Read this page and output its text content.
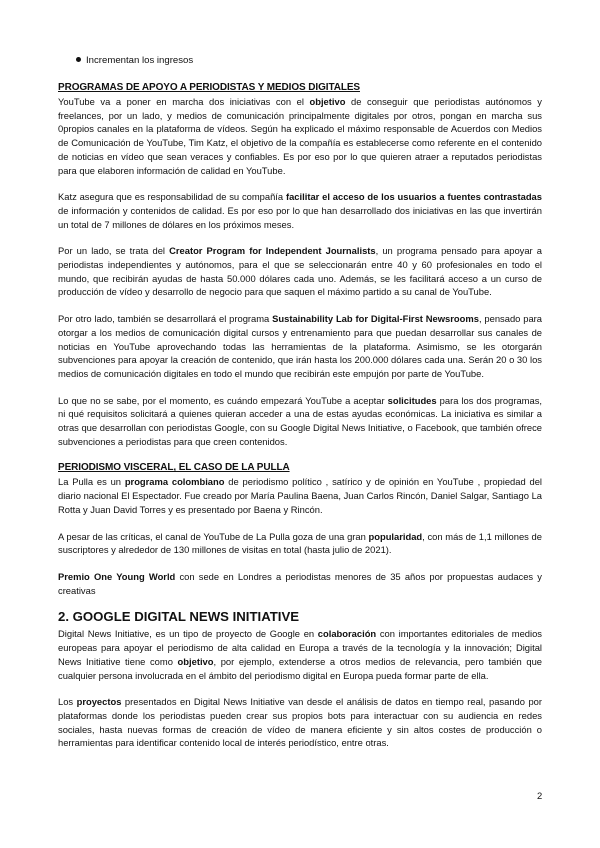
Incrementan los ingresos
PROGRAMAS DE APOYO A PERIODISTAS Y MEDIOS DIGITALES

YouTube va a poner en marcha dos iniciativas con el objetivo de conseguir que periodistas autónomos y freelances, por un lado, y medios de comunicación principalmente digitales por otros, pongan en marcha sus 0propios canales en la plataforma de vídeos. Según ha explicado el máximo responsable de Acuerdos con Medios de Comunicación de YouTube, Tim Katz, el objetivo de la compañía es establecerse como referente en el contenido de noticias en vídeo que sean veraces y confiables. Es por eso por lo que quieren atraer a reputados periodistas para que elaboren información de calidad en YouTube.

Katz asegura que es responsabilidad de su compañía facilitar el acceso de los usuarios a fuentes contrastadas de información y contenidos de calidad. Es por eso por lo que han desarrollado dos iniciativas en las que invertirán un total de 7 millones de dólares en los próximos meses.

Por un lado, se trata del Creator Program for Independent Journalists, un programa pensado para apoyar a periodistas independientes y autónomos, para el que se seleccionarán entre 40 y 60 profesionales en todo el mundo, que recibirán ayudas de hasta 50.000 dólares cada uno. Además, se les facilitará acceso a un curso de producción de vídeo y desarrollo de negocio para que saquen el máximo partido a su canal de YouTube.

Por otro lado, también se desarrollará el programa Sustainability Lab for Digital-First Newsrooms, pensado para otorgar a los medios de comunicación digital cursos y entrenamiento para que puedan desarrollar sus canales de noticias en YouTube aprovechando todas las herramientas de la plataforma. Asimismo, se les otorgarán subvenciones para apoyar la creación de contenido, que irán hasta los 200.000 dólares cada una. Serán 20 o 30 los medios de comunicación digitales en todo el mundo que recibirán este empujón por parte de YouTube.

Lo que no se sabe, por el momento, es cuándo empezará YouTube a aceptar solicitudes para los dos programas, ni qué requisitos solicitará a quienes quieran acceder a una de estas ayudas económicas. La iniciativa es similar a otras que desarrollan con periodistas Google, con su Google Digital News Initiative, o Facebook, que también ofrece subvenciones a periodistas para que creen contenidos.

PERIODISMO VISCERAL, EL CASO DE LA PULLA

La Pulla es un programa colombiano de periodismo político , satírico y de opinión en YouTube , propiedad del diario nacional El Espectador. Fue creado por María Paulina Baena, Juan Carlos Rincón, Daniel Salgar, Santiago La Rotta y Juan David Torres y es presentado por Baena y Rincón.

A pesar de las críticas, el canal de YouTube de La Pulla goza de una gran popularidad, con más de 1,1 millones de suscriptores y alrededor de 130 millones de visitas en total (hasta julio de 2021).

Premio One Young World con sede en Londres a periodistas menores de 35 años por propuestas audaces y creativas

2. GOOGLE DIGITAL NEWS INITIATIVE

Digital News Initiative, es un tipo de proyecto de Google en colaboración con importantes editoriales de medios europeas para apoyar el periodismo de alta calidad en Europa a través de la tecnología y la innovación; Digital News Initiative tiene como objetivo, por ejemplo, extenderse a otros medios de relevancia, pero también que cualquier persona involucrada en el ámbito del periodismo digital en Europa pueda formar parte de ella.

Los proyectos presentados en Digital News Initiative van desde el análisis de datos en tiempo real, pasando por plataformas donde los periodistas pueden crear sus propios bots para interactuar con su audiencia en redes sociales, hasta nuevas formas de creación de vídeo de manera eficiente y sin altos costes de producción o herramientas para identificar contenido local de interés periodístico, entre otras.

2
